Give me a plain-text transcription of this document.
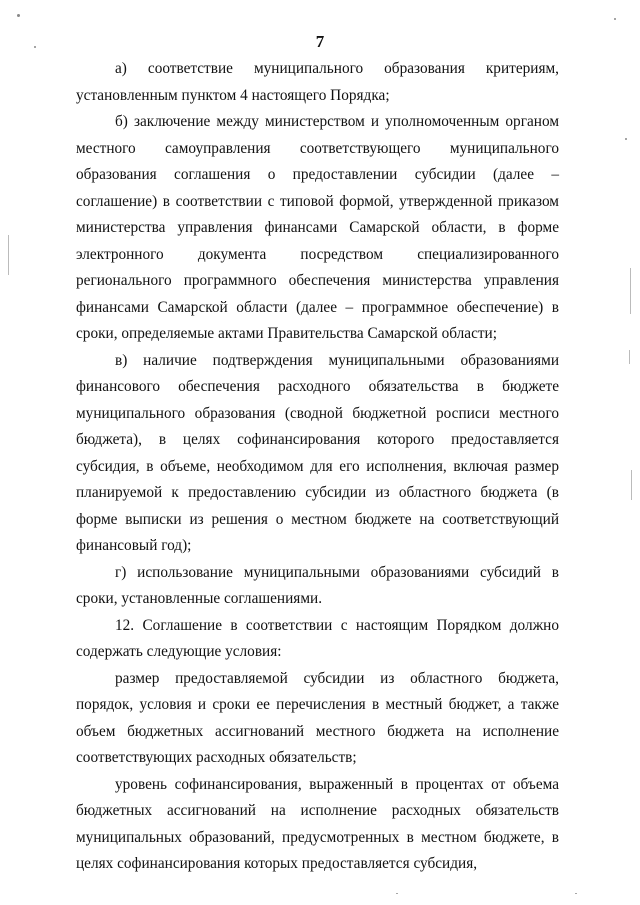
7

а) соответствие муниципального образования критериям, установленным пунктом 4 настоящего Порядка;

б) заключение между министерством и уполномоченным органом местного самоуправления соответствующего муниципального образования соглашения о предоставлении субсидии (далее – соглашение) в соответствии с типовой формой, утвержденной приказом министерства управления финансами Самарской области, в форме электронного документа посредством специализированного регионального программного обеспечения министерства управления финансами Самарской области (далее – программное обеспечение) в сроки, определяемые актами Правительства Самарской области;

в) наличие подтверждения муниципальными образованиями финансового обеспечения расходного обязательства в бюджете муниципального образования (сводной бюджетной росписи местного бюджета), в целях софинансирования которого предоставляется субсидия, в объеме, необходимом для его исполнения, включая размер планируемой к предоставлению субсидии из областного бюджета (в форме выписки из решения о местном бюджете на соответствующий финансовый год);

г) использование муниципальными образованиями субсидий в сроки, установленные соглашениями.

12. Соглашение в соответствии с настоящим Порядком должно содержать следующие условия:

размер предоставляемой субсидии из областного бюджета, порядок, условия и сроки ее перечисления в местный бюджет, а также объем бюджетных ассигнований местного бюджета на исполнение соответствующих расходных обязательств;

уровень софинансирования, выраженный в процентах от объема бюджетных ассигнований на исполнение расходных обязательств муниципальных образований, предусмотренных в местном бюджете, в целях софинансирования которых предоставляется субсидия,
